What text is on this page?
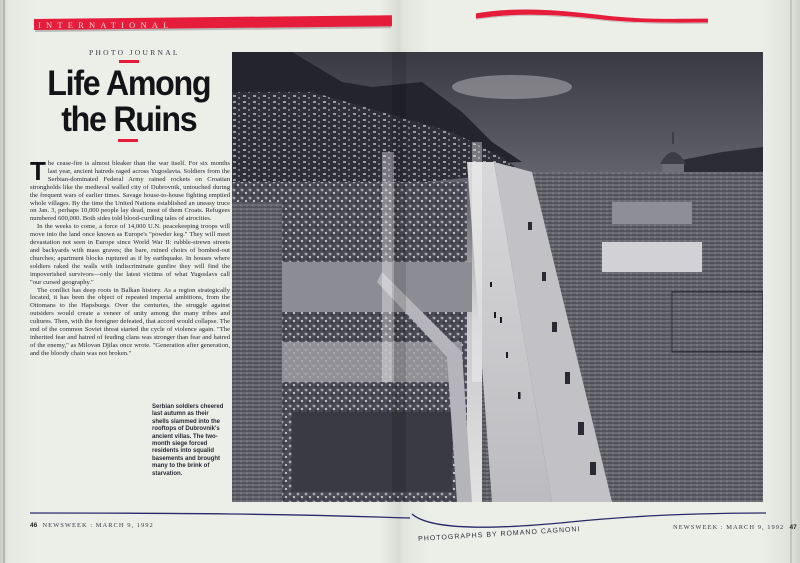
INTERNATIONAL
PHOTO JOURNAL
Life Among
the Ruins

The cease-fire is almost bleaker than the war itself. For six months last year, ancient hatreds raged across Yugoslavia. Soldiers from the Serbian-dominated Federal Army rained rockets on Croatian strongholds like the medieval walled city of Dubrovnik, untouched during the frequent wars of earlier times. Savage house-to-house fighting emptied whole villages. By the time the United Nations established an uneasy truce on Jan. 3, perhaps 10,000 people lay dead, most of them Croats. Refugees numbered 600,000. Both sides told blood-curdling tales of atrocities.

In the weeks to come, a force of 14,000 U.N. peacekeeping troops will move into the land once known as Europe's "powder keg." They will meet devastation not seen in Europe since World War II: rubble-strewn streets and backyards with mass graves; the bare, ruined choirs of bombed-out churches; apartment blocks ruptured as if by earthquake. In houses where soldiers raked the walls with indiscriminate gunfire they will find the impoverished survivors—only the latest victims of what Yugoslavs call "our cursed geography."

The conflict has deep roots in Balkan history. As a region strategically located, it has been the object of repeated imperial ambitions, from the Ottomans to the Hapsburgs. Over the centuries, the struggle against outsiders would create a veneer of unity among the many tribes and cultures. Then, with the foreigner defeated, that accord would collapse. The end of the common Soviet threat started the cycle of violence again. "The inherited fear and hatred of feuding clans was stronger than fear and hatred of the enemy," as Milovan Djilas once wrote. "Generation after generation, and the bloody chain was not broken."

Serbian soldiers cheered last autumn as their shells slammed into the rooftops of Dubrovnik's ancient villas. The two-month siege forced residents into squalid basements and brought many to the brink of starvation.
46 NEWSWEEK : MARCH 9, 1992	NEWSWEEK : MARCH 9, 1992 47
PHOTOGRAPHS BY ROMANO CAGNONI
